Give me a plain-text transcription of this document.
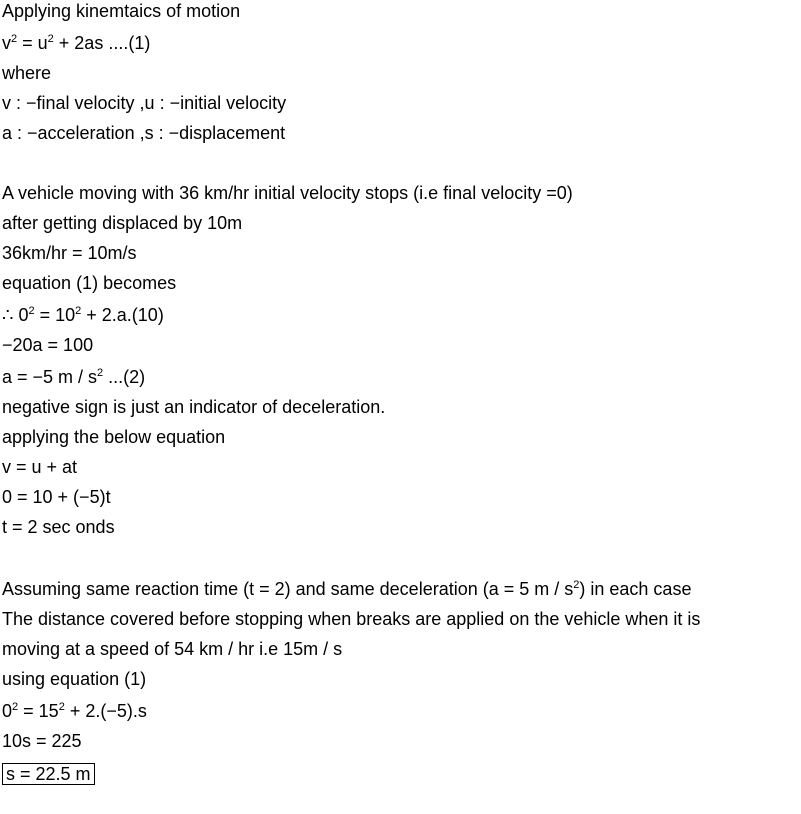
Applying kinemtaics of motion
$v^2 = u^2 + 2as$ ....(1)
where
v : −final velocity ,u : −initial velocity
a : −acceleration ,s : −displacement
A vehicle moving with 36 km/hr initial velocity stops (i.e final velocity =0)
after getting displaced by 10m
36km/hr = 10m/s
equation (1) becomes
∴ $0^2 = 10^2 + 2.a.(10)$
−20a = 100
a = −5 m / $s^2$ ...(2)
negative sign is just an indicator of deceleration.
applying the below equation
v = u + at
0 = 10 + (−5)t
t = 2 sec onds
Assuming same reaction time (t = 2) and same deceleration (a = 5 m / $s^2$) in each case
The distance covered before stopping when breaks are applied on the vehicle when it is
moving at a speed of 54 km / hr i.e 15m / s
using equation (1)
$0^2 = 15^2 + 2.(-5).s$
10s = 225
s = 22.5 m
